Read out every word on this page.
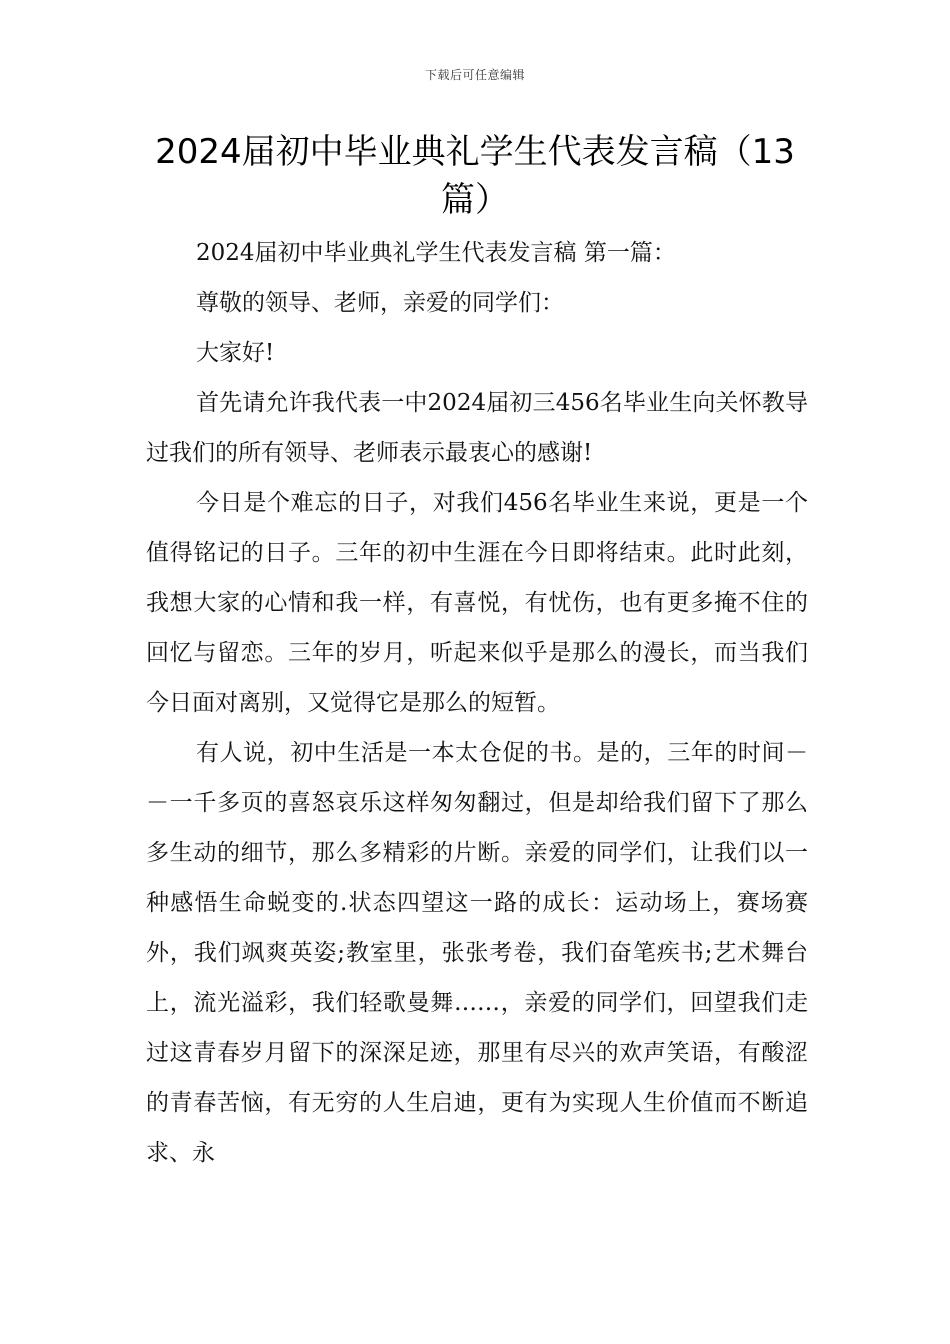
下载后可任意编辑
2024届初中毕业典礼学生代表发言稿（13篇）

2024届初中毕业典礼学生代表发言稿 第一篇：

尊敬的领导、老师，亲爱的同学们：

大家好!

首先请允许我代表一中2024届初三456名毕业生向关怀教导过我们的所有领导、老师表示最衷心的感谢!

今日是个难忘的日子，对我们456名毕业生来说，更是一个值得铭记的日子。三年的初中生涯在今日即将结束。此时此刻，我想大家的心情和我一样，有喜悦，有忧伤，也有更多掩不住的回忆与留恋。三年的岁月，听起来似乎是那么的漫长，而当我们今日面对离别，又觉得它是那么的短暂。

有人说，初中生活是一本太仓促的书。是的，三年的时间－－一千多页的喜怒哀乐这样匆匆翻过，但是却给我们留下了那么多生动的细节，那么多精彩的片断。亲爱的同学们，让我们以一种感悟生命蜕变的.状态四望这一路的成长：运动场上，赛场赛外，我们飒爽英姿;教室里，张张考卷，我们奋笔疾书;艺术舞台上，流光溢彩，我们轻歌曼舞……，亲爱的同学们，回望我们走过这青春岁月留下的深深足迹，那里有尽兴的欢声笑语，有酸涩的青春苦恼，有无穷的人生启迪，更有为实现人生价值而不断追求、永
